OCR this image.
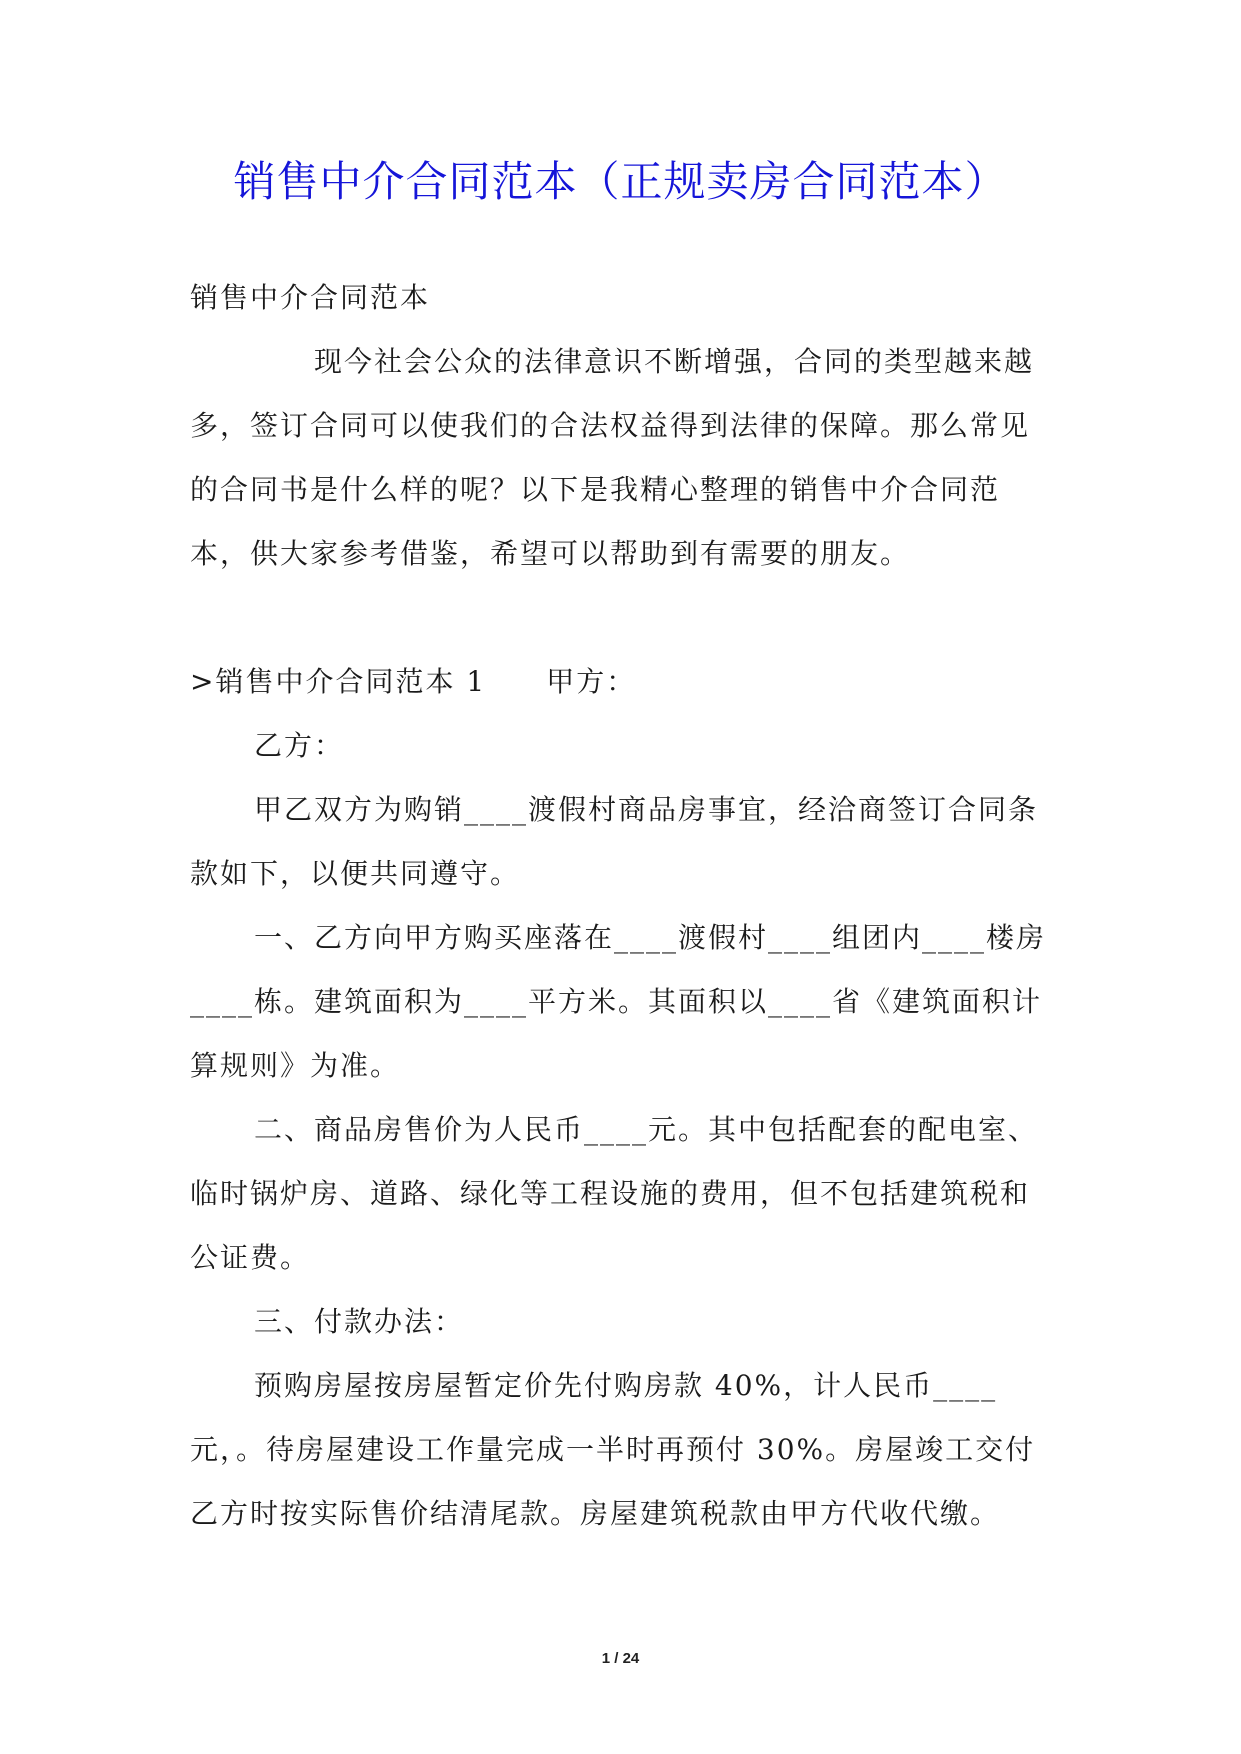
销售中介合同范本（正规卖房合同范本）

销售中介合同范本

现今社会公众的法律意识不断增强，合同的类型越来越多，签订合同可以使我们的合法权益得到法律的保障。那么常见的合同书是什么样的呢？以下是我精心整理的销售中介合同范本，供大家参考借鉴，希望可以帮助到有需要的朋友。

>销售中介合同范本 1 甲方：

乙方：

甲乙双方为购销____渡假村商品房事宜，经洽商签订合同条款如下，以便共同遵守。

一、乙方向甲方购买座落在____渡假村____组团内____楼房____栋。建筑面积为____平方米。其面积以____省《建筑面积计算规则》为准。

二、商品房售价为人民币____元。其中包括配套的配电室、临时锅炉房、道路、绿化等工程设施的费用，但不包括建筑税和公证费。

三、付款办法：

预购房屋按房屋暂定价先付购房款 40%，计人民币____元，。待房屋建设工作量完成一半时再预付 30%。房屋竣工交付乙方时按实际售价结清尾款。房屋建筑税款由甲方代收代缴。

1 / 24
